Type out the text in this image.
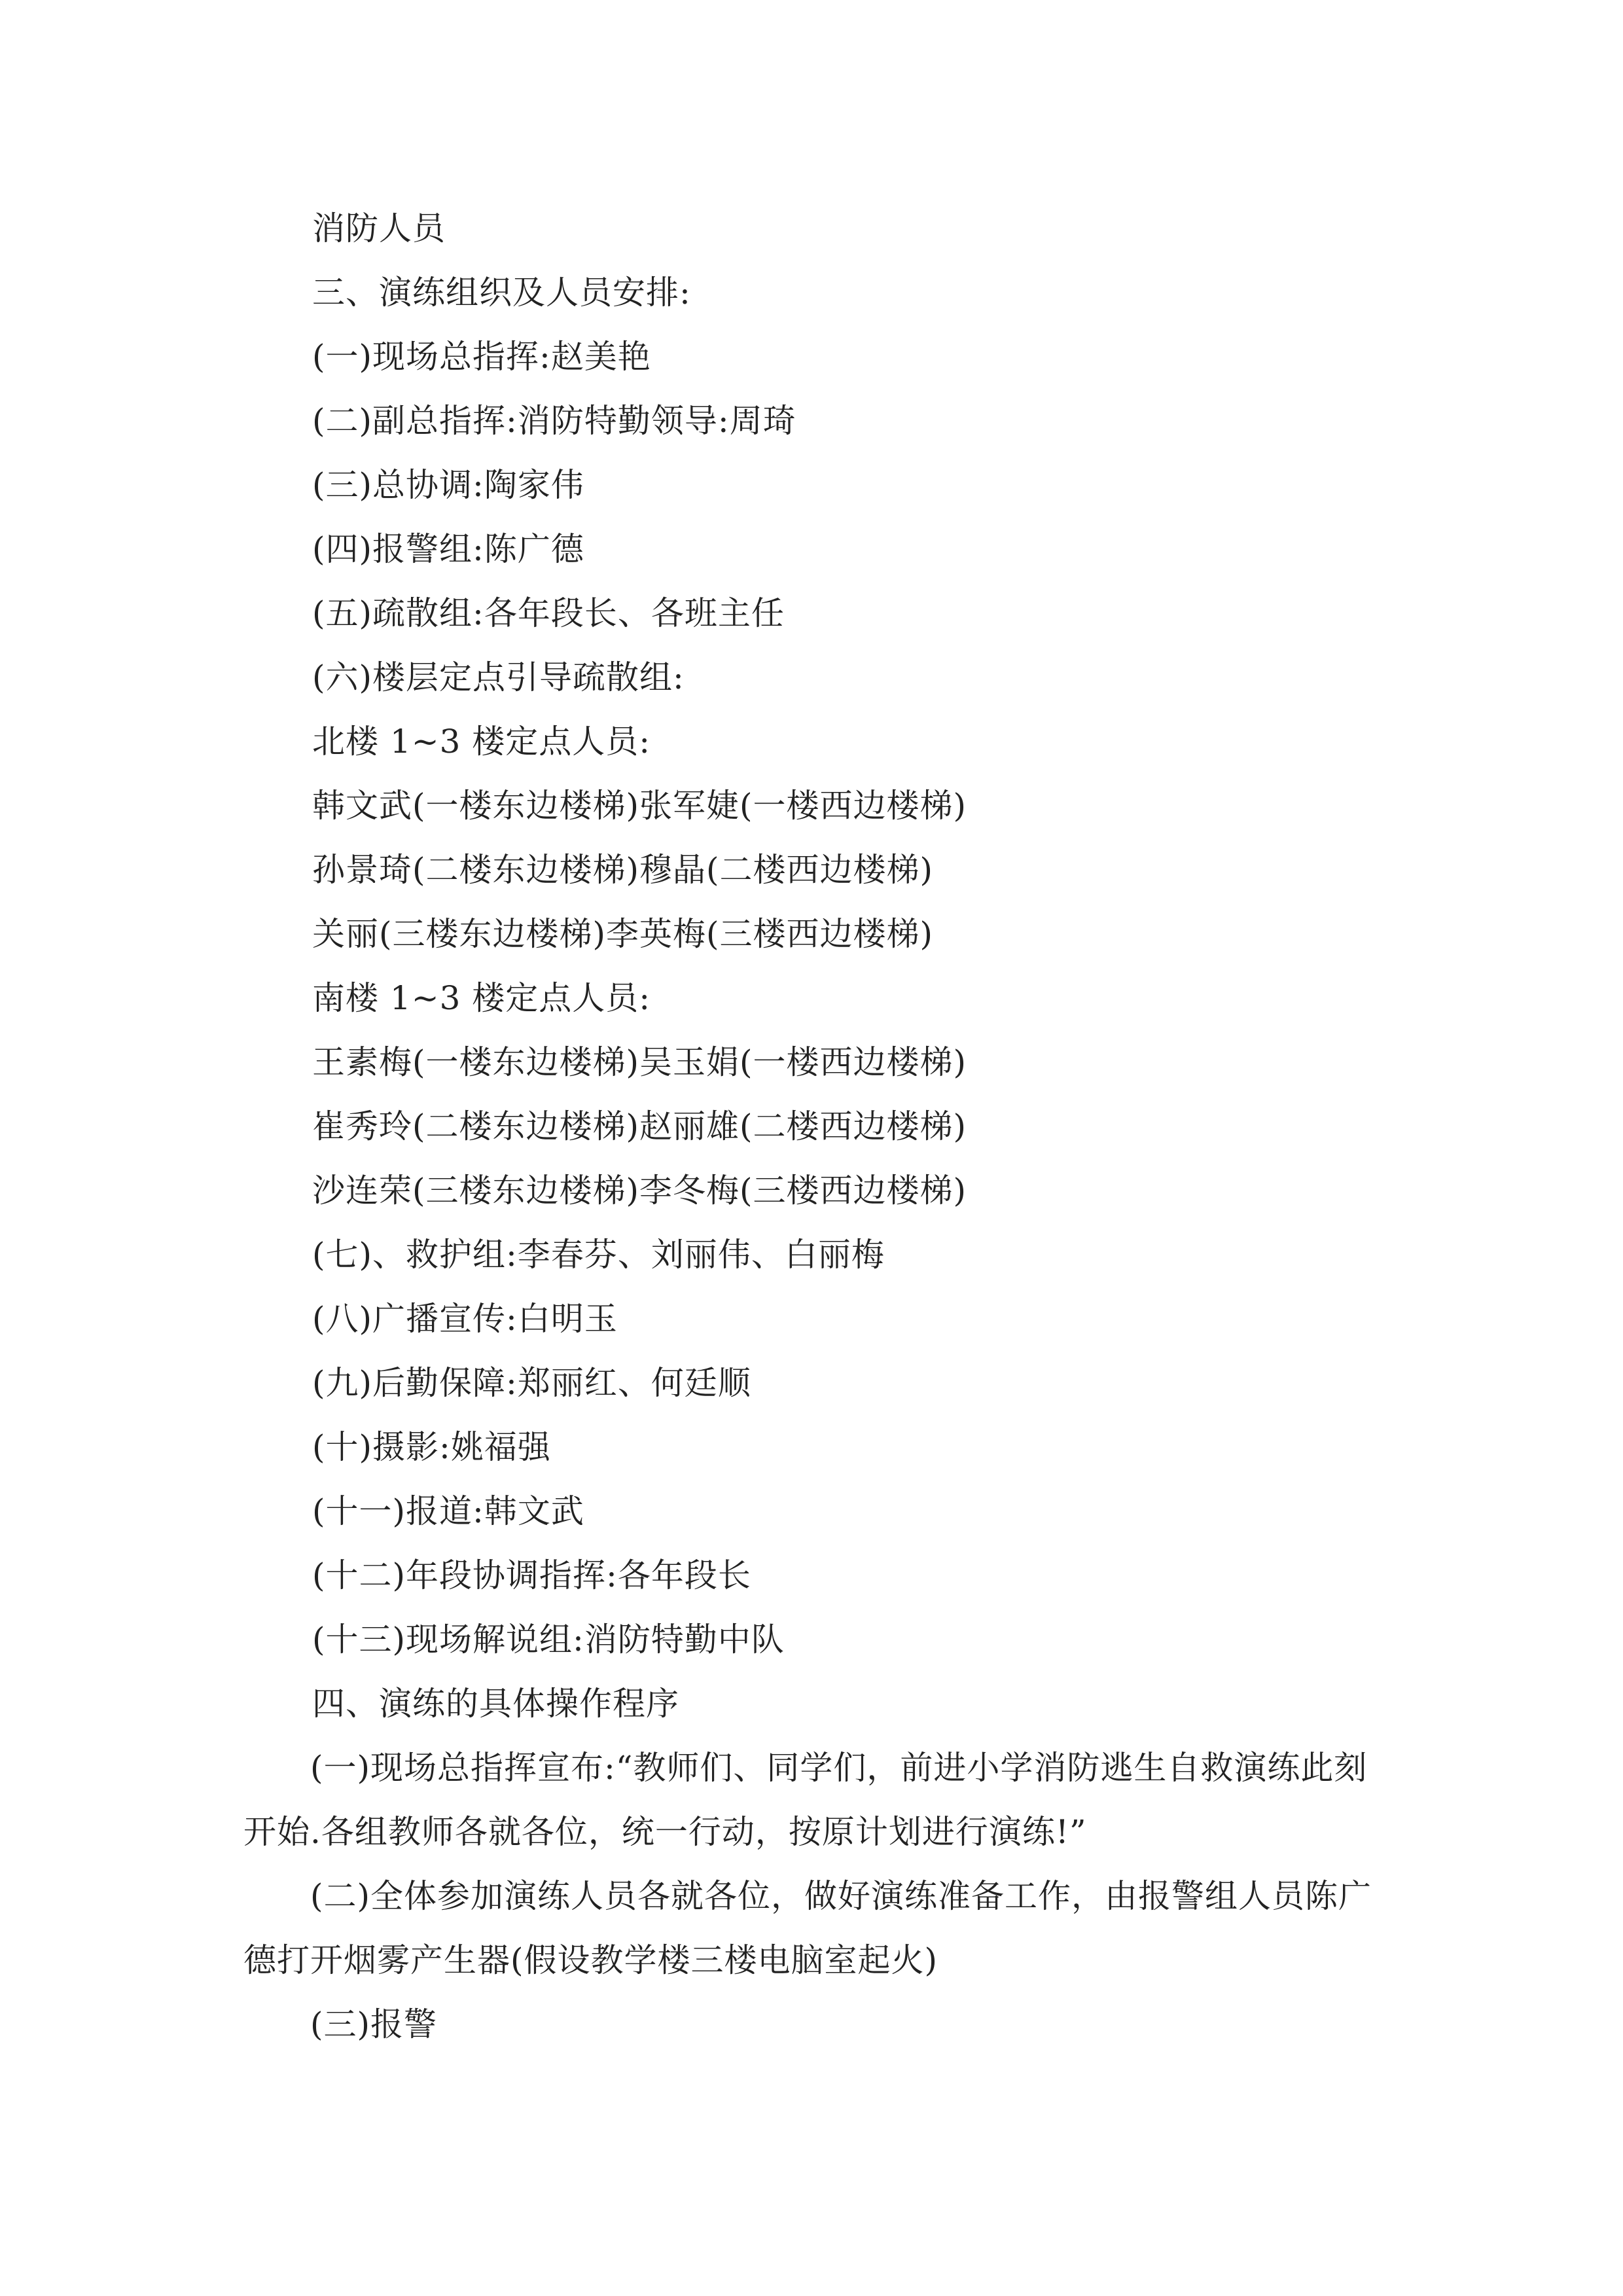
消防人员
三、演练组织及人员安排:
(一)现场总指挥:赵美艳
(二)副总指挥:消防特勤领导:周琦
(三)总协调:陶家伟
(四)报警组:陈广德
(五)疏散组:各年段长、各班主任
(六)楼层定点引导疏散组:
北楼 1~3 楼定点人员:
韩文武(一楼东边楼梯)张军婕(一楼西边楼梯)
孙景琦(二楼东边楼梯)穆晶(二楼西边楼梯)
关丽(三楼东边楼梯)李英梅(三楼西边楼梯)
南楼 1~3 楼定点人员:
王素梅(一楼东边楼梯)吴玉娟(一楼西边楼梯)
崔秀玲(二楼东边楼梯)赵丽雄(二楼西边楼梯)
沙连荣(三楼东边楼梯)李冬梅(三楼西边楼梯)
(七)、救护组:李春芬、刘丽伟、白丽梅
(八)广播宣传:白明玉
(九)后勤保障:郑丽红、何廷顺
(十)摄影:姚福强
(十一)报道:韩文武
(十二)年段协调指挥:各年段长
(十三)现场解说组:消防特勤中队
四、演练的具体操作程序
(一)现场总指挥宣布:“教师们、同学们，前进小学消防逃生自救演练此刻开始.各组教师各就各位，统一行动，按原计划进行演练!”
(二)全体参加演练人员各就各位，做好演练准备工作，由报警组人员陈广德打开烟雾产生器(假设教学楼三楼电脑室起火)
(三)报警
